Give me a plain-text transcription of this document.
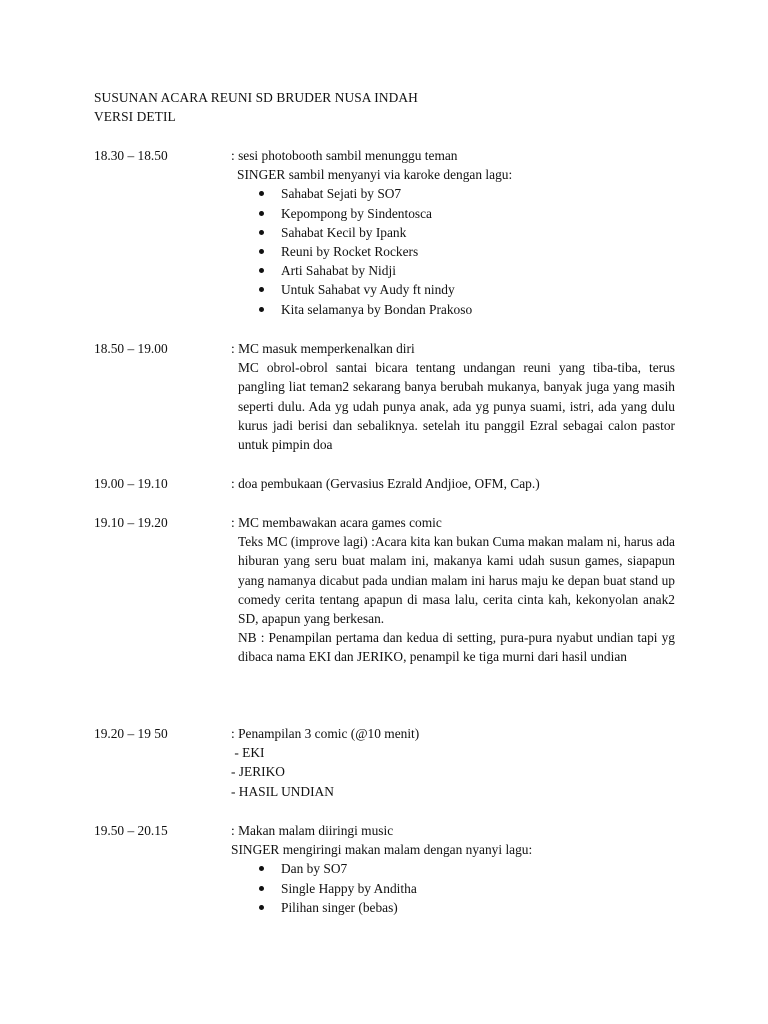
SUSUNAN ACARA REUNI SD BRUDER NUSA INDAH
VERSI DETIL
18.30 – 18.50	: sesi photobooth sambil menunggu teman
SINGER sambil menyanyi via karoke dengan lagu:
Sahabat Sejati by SO7
Kepompong by Sindentosca
Sahabat Kecil by Ipank
Reuni by Rocket Rockers
Arti Sahabat by Nidji
Untuk Sahabat vy Audy ft nindy
Kita selamanya by Bondan Prakoso
18.50 – 19.00	: MC masuk memperkenalkan diri
MC obrol-obrol santai bicara tentang undangan reuni yang tiba-tiba, terus pangling liat teman2 sekarang banya berubah mukanya, banyak juga yang masih seperti dulu. Ada yg udah punya anak, ada yg punya suami, istri, ada yang dulu kurus jadi berisi dan sebaliknya. setelah itu panggil Ezral sebagai calon pastor untuk pimpin doa
19.00 – 19.10	: doa pembukaan (Gervasius Ezrald Andjioe, OFM, Cap.)
19.10 – 19.20	: MC membawakan acara games comic
Teks MC (improve lagi) :Acara kita kan bukan Cuma makan malam ni, harus ada hiburan yang seru buat malam ini, makanya kami udah susun games, siapapun yang namanya dicabut pada undian malam ini harus maju ke depan buat stand up comedy cerita tentang apapun di masa lalu, cerita cinta kah, kekonyolan anak2 SD, apapun yang berkesan.
NB : Penampilan pertama dan kedua di setting, pura-pura nyabut undian tapi yg dibaca nama EKI dan JERIKO, penampil ke tiga murni dari hasil undian
19.20 – 19 50	: Penampilan 3 comic (@10 menit)
- EKI
- JERIKO
- HASIL UNDIAN
19.50 – 20.15	: Makan malam diiringi music
SINGER mengiringi makan malam dengan nyanyi lagu:
Dan by SO7
Single Happy by Anditha
Pilihan singer (bebas)
